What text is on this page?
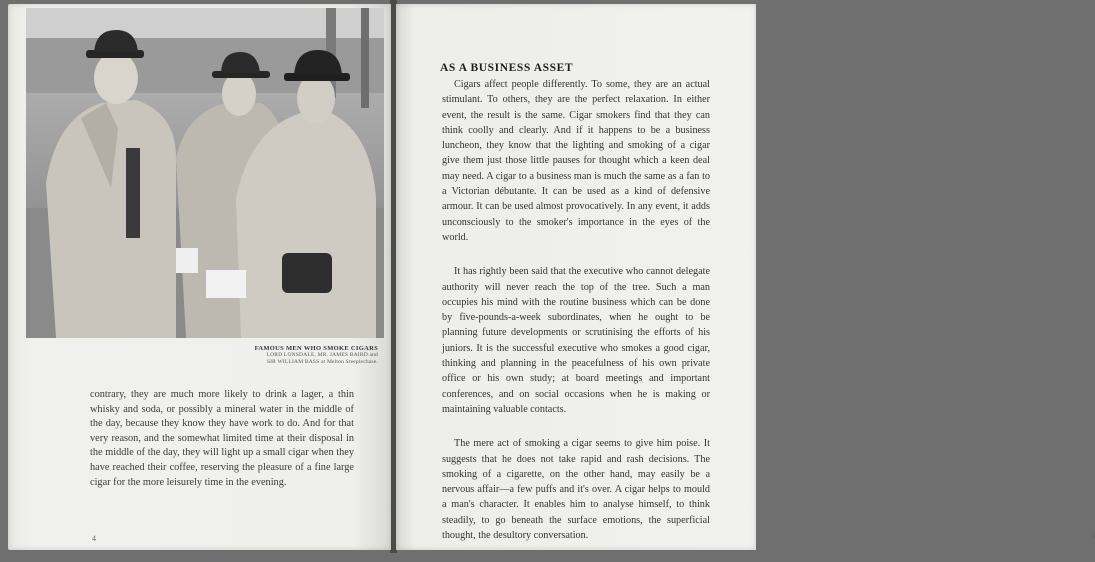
FAMOUS MEN WHO SMOKE CIGARS
LORD LONSDALE, MR. JAMES BAIRD and
SIR WILLIAM BASS at Melton Steeplechase.
contrary, they are much more likely to drink a lager, a thin whisky and soda, or possibly a mineral water in the middle of the day, because they know they have work to do. And for that very reason, and the somewhat limited time at their disposal in the middle of the day, they will light up a small cigar when they have reached their coffee, reserving the pleasure of a fine large cigar for the more leisurely time in the evening.
4	5
AS A BUSINESS ASSET

Cigars affect people differently. To some, they are an actual stimulant. To others, they are the perfect relaxation. In either event, the result is the same. Cigar smokers find that they can think coolly and clearly. And if it happens to be a business luncheon, they know that the lighting and smoking of a cigar give them just those little pauses for thought which a keen deal may need. A cigar to a business man is much the same as a fan to a Victorian débutante. It can be used as a kind of defensive armour. It can be used almost provocatively. In any event, it adds unconsciously to the smoker's importance in the eyes of the world.

It has rightly been said that the executive who cannot delegate authority will never reach the top of the tree. Such a man occupies his mind with the routine business which can be done by five-pounds-a-week subordinates, when he ought to be planning future developments or scrutinising the efforts of his juniors. It is the successful executive who smokes a good cigar, thinking and planning in the peacefulness of his own private office or his own study; at board meetings and important conferences, and on social occasions when he is making or maintaining valuable contacts.

The mere act of smoking a cigar seems to give him poise. It suggests that he does not take rapid and rash decisions. The smoking of a cigarette, on the other hand, may easily be a nervous affair—a few puffs and it's over. A cigar helps to mould a man's character. It enables him to analyse himself, to think steadily, to go beneath the surface emotions, the superficial thought, the desultory conversation.
